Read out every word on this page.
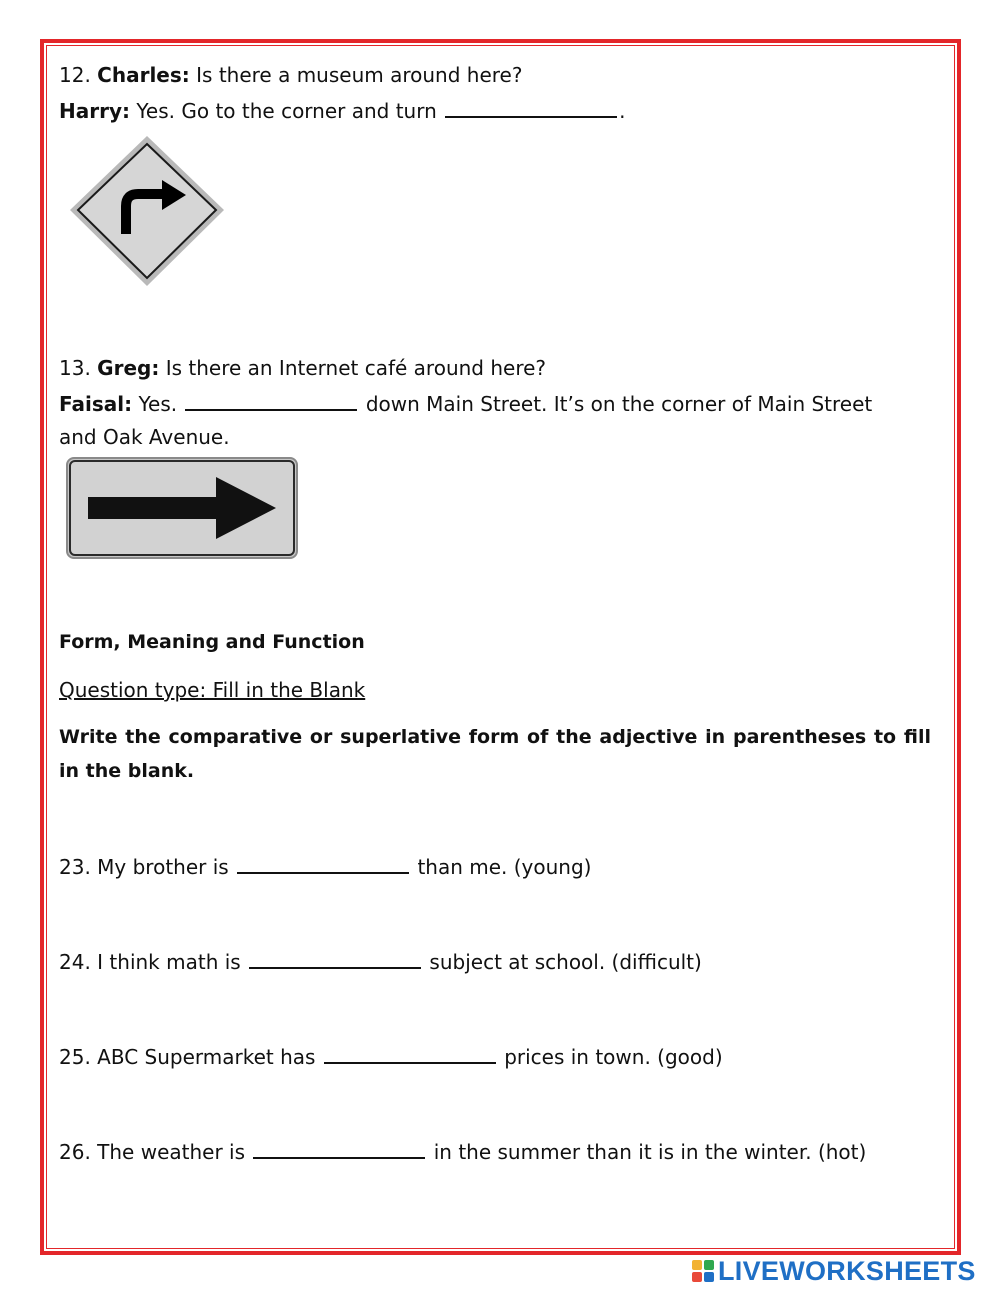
12. Charles: Is there a museum around here?
Harry: Yes. Go to the corner and turn	.
13. Greg: Is there an Internet café around here?
Faisal: Yes.	down Main Street. It’s on the corner of Main Street
and Oak Avenue.
Form, Meaning and Function
Question type: Fill in the Blank
Write the comparative or superlative form of the adjective in parentheses to fill in the blank.
23. My brother is	than me. (young)
24. I think math is	subject at school. (difficult)
25. ABC Supermarket has	prices in town. (good)
26. The weather is	in the summer than it is in the winter. (hot)
LIVEWORKSHEETS
